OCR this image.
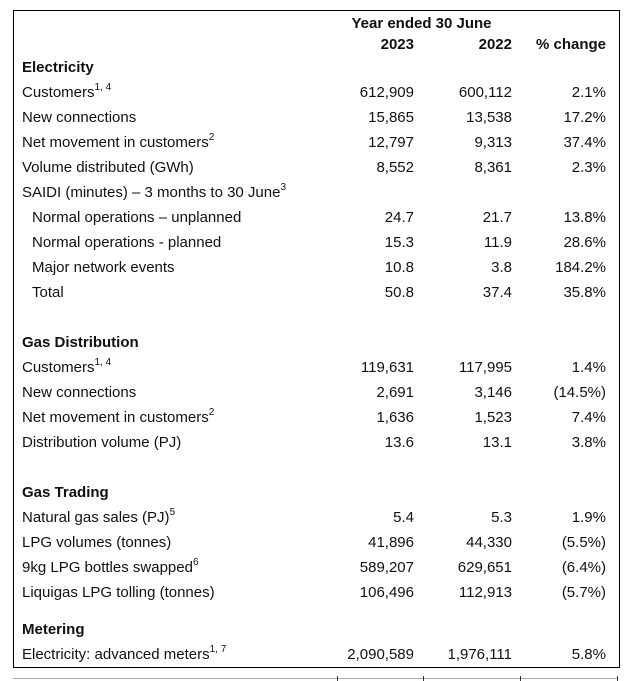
Year ended 30 June
2023	2022	% change
Electricity
Customers$^{1, 4}$	612,909	600,112	2.1%
New connections	15,865	13,538	17.2%
Net movement in customers$^2$	12,797	9,313	37.4%
Volume distributed (GWh)	8,552	8,361	2.3%
SAIDI (minutes) – 3 months to 30 June$^3$
Normal operations – unplanned	24.7	21.7	13.8%
Normal operations - planned	15.3	11.9	28.6%
Major network events	10.8	3.8	184.2%
Total	50.8	37.4	35.8%
Gas Distribution
Customers$^{1, 4}$	119,631	117,995	1.4%
New connections	2,691	3,146	(14.5%)
Net movement in customers$^2$	1,636	1,523	7.4%
Distribution volume (PJ)	13.6	13.1	3.8%
Gas Trading
Natural gas sales (PJ)$^5$	5.4	5.3	1.9%
LPG volumes (tonnes)	41,896	44,330	(5.5%)
9kg LPG bottles swapped$^6$	589,207	629,651	(6.4%)
Liquigas LPG tolling (tonnes)	106,496	112,913	(5.7%)
Metering
Electricity: advanced meters$^{1, 7}$	2,090,589	1,976,111	5.8%
